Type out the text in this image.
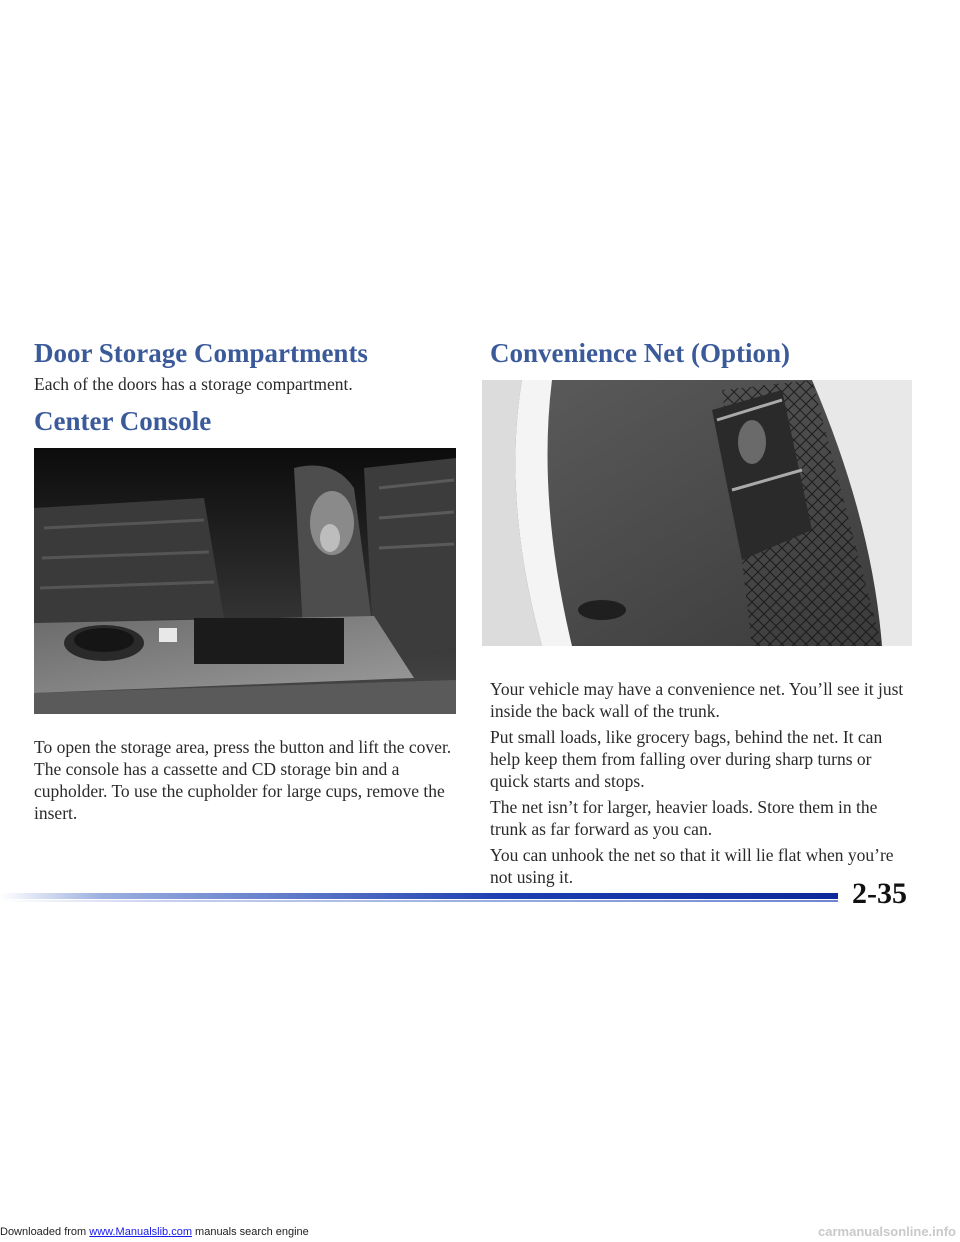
Door Storage Compartments

Each of the doors has a storage compartment.

Center Console

To open the storage area, press the button and lift the cover. The console has a cassette and CD storage bin and a cupholder. To use the cupholder for large cups, remove the insert.

Convenience Net (Option)

Your vehicle may have a convenience net. You’ll see it just inside the back wall of the trunk.

Put small loads, like grocery bags, behind the net. It can help keep them from falling over during sharp turns or quick starts and stops.

The net isn’t for larger, heavier loads. Store them in the trunk as far forward as you can.

You can unhook the net so that it will lie flat when you’re not using it.	2-35
Downloaded from www.Manualslib.com manuals search engine	carmanualsonline.info
